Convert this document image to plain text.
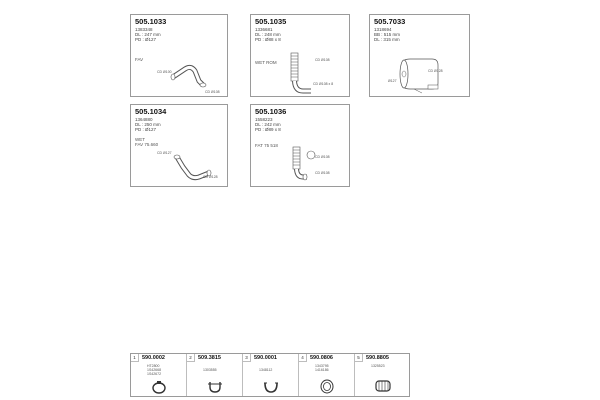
505.1033
1383348
DL : 247 mm
PD : Ø127
FAV
CD Ø100
CD Ø108
505.1035
1336681
DL : 248 mm
PD : Ø88 x 8
WET ROM	CD Ø108
CD Ø108 x 8
505.7033
1318694
BB : 515 mm
DL : 315 mm
Ø127
CD Ø128
505.1034
1364880
DL : 250 mm
PD : Ø127
WET
FAV 75.660
CD Ø127
CD Ø128
505.1036
1558223
DL : 242 mm
PD : Ø89 x 8
FAT 75 518
CD Ø108
CD Ø108
1	590.0002
HT2800
1S42668
1S42672
2	509.3815
1303555
3	590.0001
1348112
4	590.0806
1343795
1416186
5	590.8805
1325523
